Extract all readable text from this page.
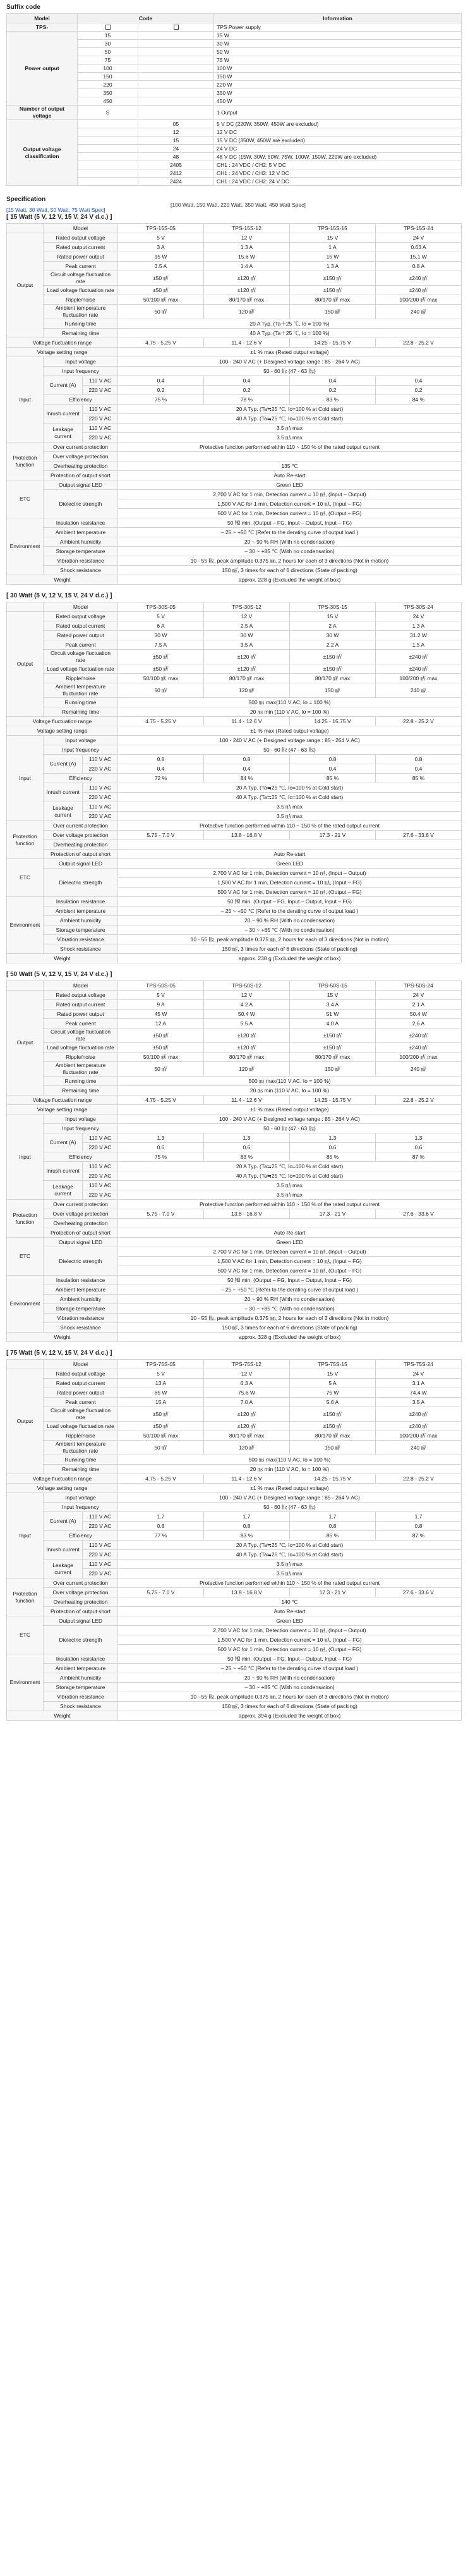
Suffix code
Model	Code		Information
TPS-			TPS Power supply
Power output	15		15 W
	30		30 W
	50		50 W
	75		75 W
	100		100 W
	150		150 W
	220		220 W
	350		350 W
	450		450 W
Number of output voltage	S		1 Output
Output voltage classification		05	5 V DC (220W, 350W, 450W are excluded)
		12	12 V DC
		15	15 V DC (350W, 450W are excluded)
		24	24 V DC
		48	48 V DC (15W, 30W, 50W, 75W, 100W, 150W, 220W are excluded)
		2405	CH1 : 24 VDC / CH2: 5 V DC
		2412	CH1 : 24 VDC / CH2: 12 V DC
		2424	CH1 : 24 VDC / CH2: 24 V DC
Specification
[15 Watt, 30 Watt, 50 Watt, 75 Watt Spec]
[100 Watt, 150 Watt, 220 Watt, 350 Watt, 450 Watt Spec]
[ 15 Watt (5 V, 12 V, 15 V, 24 V d.c.) ]
	Model		TPS-15S-05	TPS-15S-12	TPS-15S-15	TPS-15S-24
Output	Rated output voltage		5 V	12 V	15 V	24 V
	Rated output current		3 A	1.3 A	1 A	0.63 A
	Rated power output		15 W	15.6 W	15 W	15.1 W
	Peak current		3.5 A	1.4 A	1.3 A	0.8 A
	Circuit voltage fluctuation rate		±50 ㎷	±120 ㎷	±150 ㎷	±240 ㎷
	Load voltage fluctuation rate		±50 ㎷	±120 ㎷	±150 ㎷	±240 ㎷
	Ripple/noise		50/100 ㎷ max	80/170 ㎷ max	80/170 ㎷ max	100/200 ㎷ max
	Ambient temperature fluctuation rate		50 ㎷	120 ㎷	150 ㎷	240 ㎷
	Running time		20 A Typ. (Ta＋25 ℃, Io = 100 %)			
	Remaining time		40 A Typ. (Ta＋25 ℃, Io = 100 %)			
Voltage fluctuation range			4.75 - 5.25 V	11.4 - 12.6 V	14.25 - 15.75 V	22.8 - 25.2 V
Voltage setting range			±1 % max (Rated output voltage)			
Input	Input voltage		100 - 240 V AC (+ Designed voltage range : 85 - 264 V AC)			
	Input frequency		50 - 60 ㎐ (47 - 63 ㎐)			
	Current (A)	110 V AC	0.4	0.4	0.4	0.4
		220 V AC	0.2	0.2	0.2	0.2
	Efficiency		75 %	78 %	83 %	84 %
	Inrush current	110 V AC	20 A Typ. (Ta≒25 ℃, Io=100 % at Cold start)			
		220 V AC	40 A Typ. (Ta≒25 ℃, Io=100 % at Cold start)			
	Leakage current	110 V AC	3.5 ㎃ max			
		220 V AC	3.5 ㎃ max			
Protection function	Over current protection		Protective function performed within 110 ~ 150 % of the rated output current			
	Over voltage protection					
	Overheating protection		135 ℃			
	Protection of output short		Auto Re-start			
ETC	Output signal LED		Green LED			
	Dielectric strength		2,700 V AC for 1 min, Detection current = 10 ㎃, (Input – Output)			
			1,500 V AC for 1 min, Detection current = 10 ㎃, (Input – FG)			
			500 V AC for 1 min, Detection current = 10 ㎃, (Output – FG)			
Environment	Insulation resistance		50 ㏁ min. (Output – FG, Input – Output, Input – FG)			
	Ambient temperature		– 25 ~ +50 ℃ (Refer to the derating curve of output load )			
	Ambient humidity		20 ~ 90 % RH (With no condensation)			
	Storage temperature		– 30 ~ +85 ℃ (With no condensation)			
	Vibration resistance		10 - 55 ㎐, peak amplitude 0.375 ㎜, 2 hours for each of 3 directions (Not in motion)			
	Shock resistance		150 ㎨, 3 times for each of 6 directions (State of packing)			
Weight			approx. 228 g (Excluded the weight of box)			
[ 30 Watt (5 V, 12 V, 15 V, 24 V d.c.) ]
	Model		TPS-30S-05	TPS-30S-12	TPS-30S-15	TPS-30S-24
Output	Rated output voltage		5 V	12 V	15 V	24 V
	Rated output current		6 A	2.5 A	2 A	1.3 A
	Rated power output		30 W	30 W	30 W	31.2 W
	Peak current		7.5 A	3.5 A	2.2 A	1.5 A
	Circuit voltage fluctuation rate		±50 ㎷	±120 ㎷	±150 ㎷	±240 ㎷
	Load voltage fluctuation rate		±50 ㎷	±120 ㎷	±150 ㎷	±240 ㎷
	Ripple/noise		50/100 ㎷ max	80/170 ㎷ max	80/170 ㎷ max	100/200 ㎷ max
	Ambient temperature fluctuation rate		50 ㎷	120 ㎷	150 ㎷	240 ㎷
	Running time		500 ㎳ max(110 V AC, Io = 100 %)			
	Remaining time		20 ㎳ min (110 V AC, Io = 100 %)			
Voltage fluctuation range			4.75 - 5.25 V	11.4 - 12.6 V	14.25 - 15.75 V	22.8 - 25.2 V
Voltage setting range			±1 % max (Rated output voltage)			
Input	Input voltage		100 - 240 V AC (+ Designed voltage range : 85 - 264 V AC)			
	Input frequency		50 - 60 ㎐ (47 - 63 ㎐)			
	Current (A)	110 V AC	0.8	0.8	0.8	0.8
		220 V AC	0.4	0.4	0.4	0.4
	Efficiency		72 %	84 %	85 %	85 %
	Inrush current	110 V AC	20 A Typ. (Ta≒25 ℃, Io=100 % at Cold start)			
		220 V AC	40 A Typ. (Ta≒25 ℃, Io=100 % at Cold start)			
	Leakage current	110 V AC	3.5 ㎃ max			
		220 V AC	3.5 ㎃ max			
Protection function	Over current protection		Protective function performed within 110 ~ 150 % of the rated output current			
	Over voltage protection		5.75 - 7.0 V	13.8 - 16.8 V	17.3 - 21 V	27.6 - 33.6 V
	Overheating protection					
	Protection of output short		Auto Re-start			
ETC	Output signal LED		Green LED			
	Dielectric strength		2,700 V AC for 1 min, Detection current = 10 ㎃, (Input – Output)			
			1,500 V AC for 1 min, Detection current = 10 ㎃, (Input – FG)			
			500 V AC for 1 min, Detection current = 10 ㎃, (Output – FG)			
Environment	Insulation resistance		50 ㏁ min. (Output – FG, Input – Output, Input – FG)			
	Ambient temperature		– 25 ~ +50 ℃ (Refer to the derating curve of output load )			
	Ambient humidity		20 ~ 90 % RH (With no condensation)			
	Storage temperature		– 30 ~ +85 ℃ (With no condensation)			
	Vibration resistance		10 - 55 ㎐, peak amplitude 0.375 ㎜, 2 hours for each of 3 directions (Not in motion)			
	Shock resistance		150 ㎨, 3 times for each of 6 directions (State of packing)			
Weight			approx. 238 g (Excluded the weight of box)			
[ 50 Watt (5 V, 12 V, 15 V, 24 V d.c.) ]
	Model		TPS-50S-05	TPS-50S-12	TPS-50S-15	TPS-50S-24
Output	Rated output voltage		5 V	12 V	15 V	24 V
	Rated output current		9 A	4.2 A	3.4 A	2.1 A
	Rated power output		45 W	50.4 W	51 W	50.4 W
	Peak current		12 A	5.5 A	4.0 A	2.6 A
	Circuit voltage fluctuation rate		±50 ㎷	±120 ㎷	±150 ㎷	±240 ㎷
	Load voltage fluctuation rate		±50 ㎷	±120 ㎷	±150 ㎷	±240 ㎷
	Ripple/noise		50/100 ㎷ max	80/170 ㎷ max	80/170 ㎷ max	100/200 ㎷ max
	Ambient temperature fluctuation rate		50 ㎷	120 ㎷	150 ㎷	240 ㎷
	Running time		500 ㎳ max(110 V AC, Io = 100 %)			
	Remaining time		20 ㎳ min (110 V AC, Io = 100 %)			
Voltage fluctuation range			4.75 - 5.25 V	11.4 - 12.6 V	14.25 - 15.75 V	22.8 - 25.2 V
Voltage setting range			±1 % max (Rated output voltage)			
Input	Input voltage		100 - 240 V AC (+ Designed voltage range : 85 - 264 V AC)			
	Input frequency		50 - 60 ㎐ (47 - 63 ㎐)			
	Current (A)	110 V AC	1.3	1.3	1.3	1.3
		220 V AC	0.6	0.6	0.6	0.6
	Efficiency		75 %	83 %	85 %	87 %
	Inrush current	110 V AC	20 A Typ. (Ta≒25 ℃, Io=100 % at Cold start)			
		220 V AC	40 A Typ. (Ta≒25 ℃, Io=100 % at Cold start)			
	Leakage current	110 V AC	3.5 ㎃ max			
		220 V AC	3.5 ㎃ max			
Protection function	Over current protection		Protective function performed within 110 ~ 150 % of the rated output current			
	Over voltage protection		5.75 - 7.0 V	13.8 - 16.8 V	17.3 - 21 V	27.6 - 33.6 V
	Overheating protection					
	Protection of output short		Auto Re-start			
ETC	Output signal LED		Green LED			
	Dielectric strength		2,700 V AC for 1 min, Detection current = 10 ㎃, (Input – Output)			
			1,500 V AC for 1 min, Detection current = 10 ㎃, (Input – FG)			
			500 V AC for 1 min, Detection current = 10 ㎃, (Output – FG)			
Environment	Insulation resistance		50 ㏁ min. (Output – FG, Input – Output, Input – FG)			
	Ambient temperature		– 25 ~ +50 ℃ (Refer to the derating curve of output load )			
	Ambient humidity		20 ~ 90 % RH (With no condensation)			
	Storage temperature		– 30 ~ +85 ℃ (With no condensation)			
	Vibration resistance		10 - 55 ㎐, peak amplitude 0.375 ㎜, 2 hours for each of 3 directions (Not in motion)			
	Shock resistance		150 ㎨, 3 times for each of 6 directions (State of packing)			
Weight			approx. 328 g (Excluded the weight of box)			
[ 75 Watt (5 V, 12 V, 15 V, 24 V d.c.) ]
	Model		TPS-75S-05	TPS-75S-12	TPS-75S-15	TPS-75S-24
Output	Rated output voltage		5 V	12 V	15 V	24 V
	Rated output current		13 A	6.3 A	5 A	3.1 A
	Rated power output		65 W	75.6 W	75 W	74.4 W
	Peak current		15 A	7.0 A	5.6 A	3.5 A
	Circuit voltage fluctuation rate		±50 ㎷	±120 ㎷	±150 ㎷	±240 ㎷
	Load voltage fluctuation rate		±50 ㎷	±120 ㎷	±150 ㎷	±240 ㎷
	Ripple/noise		50/100 ㎷ max	80/170 ㎷ max	80/170 ㎷ max	100/200 ㎷ max
	Ambient temperature fluctuation rate		50 ㎷	120 ㎷	150 ㎷	240 ㎷
	Running time		500 ㎳ max(110 V AC, Io = 100 %)			
	Remaining time		20 ㎳ min (110 V AC, Io = 100 %)			
Voltage fluctuation range			4.75 - 5.25 V	11.4 - 12.6 V	14.25 - 15.75 V	22.8 - 25.2 V
Voltage setting range			±1 % max (Rated output voltage)			
Input	Input voltage		100 - 240 V AC (+ Designed voltage range : 85 - 264 V AC)			
	Input frequency		50 - 60 ㎐ (47 - 63 ㎐)			
	Current (A)	110 V AC	1.7	1.7	1.7	1.7
		220 V AC	0.8	0.8	0.8	0.8
	Efficiency		77 %	83 %	85 %	87 %
	Inrush current	110 V AC	20 A Typ. (Ta≒25 ℃, Io=100 % at Cold start)			
		220 V AC	40 A Typ. (Ta≒25 ℃, Io=100 % at Cold start)			
	Leakage current	110 V AC	3.5 ㎃ max			
		220 V AC	3.5 ㎃ max			
Protection function	Over current protection		Protective function performed within 110 ~ 150 % of the rated output current			
	Over voltage protection		5.75 - 7.0 V	13.8 - 16.8 V	17.3 - 21 V	27.6 - 33.6 V
	Overheating protection		140 ℃			
	Protection of output short		Auto Re-start			
ETC	Output signal LED		Green LED			
	Dielectric strength		2,700 V AC for 1 min, Detection current = 10 ㎃, (Input – Output)			
			1,500 V AC for 1 min, Detection current = 10 ㎃, (Input – FG)			
			500 V AC for 1 min, Detection current = 10 ㎃, (Output – FG)			
Environment	Insulation resistance		50 ㏁ min. (Output – FG, Input – Output, Input – FG)			
	Ambient temperature		– 25 ~ +50 ℃ (Refer to the derating curve of output load )			
	Ambient humidity		20 ~ 90 % RH (With no condensation)			
	Storage temperature		– 30 ~ +85 ℃ (With no condensation)			
	Vibration resistance		10 - 55 ㎐, peak amplitude 0.375 ㎜, 2 hours for each of 3 directions (Not in motion)			
	Shock resistance		150 ㎨, 3 times for each of 6 directions (State of packing)			
Weight			approx. 394 g (Excluded the weight of box)			
